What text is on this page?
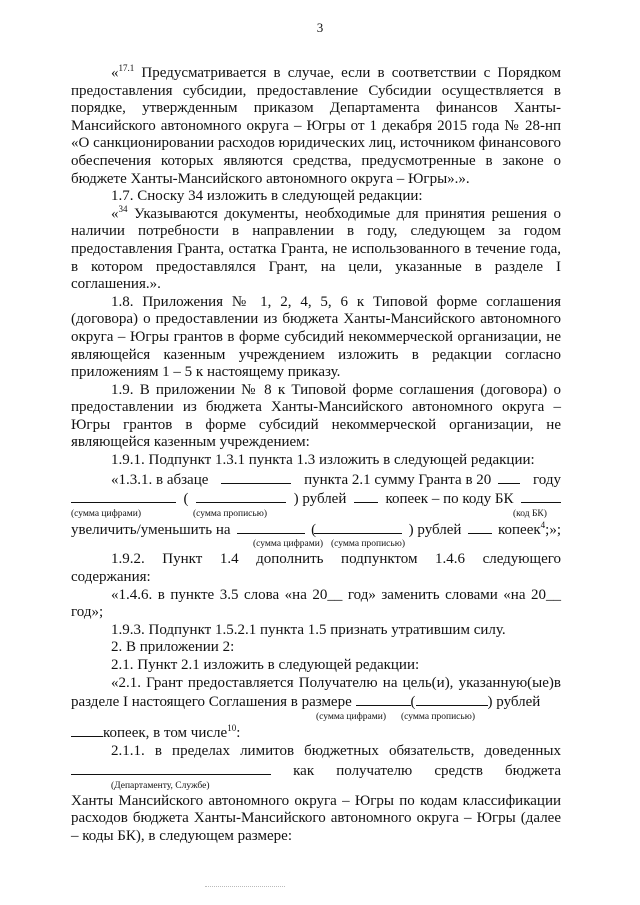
3

«$^{17.1}$ Предусматривается в случае, если в соответствии с Порядком предоставления субсидии, предоставление Субсидии осуществляется в порядке, утвержденным приказом Департамента финансов Ханты-Мансийского автономного округа – Югры от 1 декабря 2015 года № 28-нп «О санкционировании расходов юридических лиц, источником финансового обеспечения которых являются средства, предусмотренные в законе о бюджете Ханты-Мансийского автономного округа – Югры».».

1.7. Сноску 34 изложить в следующей редакции:

«$^{34}$ Указываются документы, необходимые для принятия решения о наличии потребности в направлении в году, следующем за годом предоставления Гранта, остатка Гранта, не использованного в течение года, в котором предоставлялся Грант, на цели, указанные в разделе I соглашения.».

1.8. Приложения № 1, 2, 4, 5, 6 к Типовой форме соглашения (договора) о предоставлении из бюджета Ханты-Мансийского автономного округа – Югры грантов в форме субсидий некоммерческой организации, не являющейся казенным учреждением изложить в редакции согласно приложениям 1 – 5 к настоящему приказу.

1.9. В приложении № 8 к Типовой форме соглашения (договора) о предоставлении из бюджета Ханты-Мансийского автономного округа – Югры грантов в форме субсидий некоммерческой организации, не являющейся казенным учреждением:

1.9.1. Подпункт 1.3.1 пункта 1.3 изложить в следующей редакции:

«1.3.1. в абзаце	пункта 2.1 сумму Гранта в 20	году
(	) рублей	копеек – по коду БК
(сумма цифрами)	(сумма прописью)	(код БК)
увеличить/уменьшить на	(	) рублей копеек$^4$;»;
(сумма цифрами) (сумма прописью)

1.9.2. Пункт 1.4 дополнить подпунктом 1.4.6 следующего содержания:

«1.4.6. в пункте 3.5 слова «на 20__ год» заменить словами «на 20__ год»;

1.9.3. Подпункт 1.5.2.1 пункта 1.5 признать утратившим силу.

2. В приложении 2:

2.1. Пункт 2.1 изложить в следующей редакции:

«2.1. Грант предоставляется Получателю на цель(и), указанную(ые)в разделе I настоящего Соглашения в размере	(	) рублей

(сумма цифрами) (сумма прописью)
копеек, в том числе$^{10}$:

2.1.1. в пределах лимитов бюджетных обязательств, доведенных

как получателю средств бюджета
(Департаменту, Службе)

Ханты Мансийского автономного округа – Югры по кодам классификации расходов бюджета Ханты-Мансийского автономного округа – Югры (далее – коды БК), в следующем размере:
